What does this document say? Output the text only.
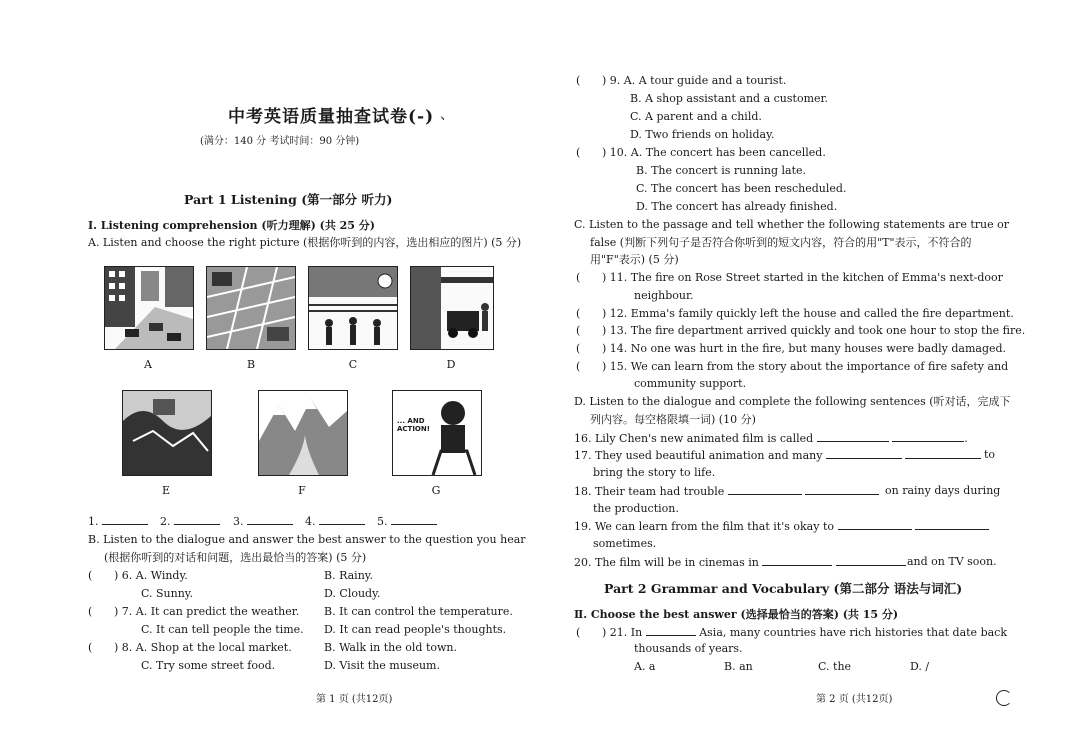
中考英语质量抽查试卷(-) 、
(满分：140 分 考试时间：90 分钟)
Part 1 Listening (第一部分 听力)
Ⅰ. Listening comprehension (听力理解) (共 25 分)
A. Listen and choose the right picture (根据你听到的内容，选出相应的图片) (5 分)
A	B	C	D
... AND ACTION!
E	F	G
1.	2.	3.	4.	5.
B. Listen to the dialogue and answer the best answer to the question you hear
(根据你听到的对话和问题，选出最恰当的答案) (5 分)
( ) 6. A. Windy.	B. Rainy.
C. Sunny.	D. Cloudy.
( ) 7. A. It can predict the weather. B. It can control the temperature.
C. It can tell people the time. D. It can read people's thoughts.
( ) 8. A. Shop at the local market.	B. Walk in the old town.
C. Try some street food.	D. Visit the museum.
第 1 页 (共12页)
( ) 9. A. A tour guide and a tourist.
B. A shop assistant and a customer.
C. A parent and a child.
D. Two friends on holiday.
( ) 10. A. The concert has been cancelled.
B. The concert is running late.
C. The concert has been rescheduled.
D. The concert has already finished.
C. Listen to the passage and tell whether the following statements are true or
false (判断下列句子是否符合你听到的短文内容，符合的用"T"表示，不符合的
用"F"表示) (5 分)
( ) 11. The fire on Rose Street started in the kitchen of Emma's next-door
neighbour.
( ) 12. Emma's family quickly left the house and called the fire department.
( ) 13. The fire department arrived quickly and took one hour to stop the fire.
( ) 14. No one was hurt in the fire, but many houses were badly damaged.
( ) 15. We can learn from the story about the importance of fire safety and
community support.
D. Listen to the dialogue and complete the following sentences (听对话，完成下
列内容。每空格限填一词) (10 分)
16. Lily Chen's new animated film is called	.
17. They used beautiful animation and many	to
bring the story to life.
18. Their team had trouble	on rainy days during
the production.
19. We can learn from the film that it's okay to
sometimes.
20. The film will be in cinemas in	and on TV soon.
Part 2 Grammar and Vocabulary (第二部分 语法与词汇)
Ⅱ. Choose the best answer (选择最恰当的答案) (共 15 分)
( ) 21. In	Asia, many countries have rich histories that date back
thousands of years.
A. a	B. an	C. the	D. /
第 2 页 (共12页)
